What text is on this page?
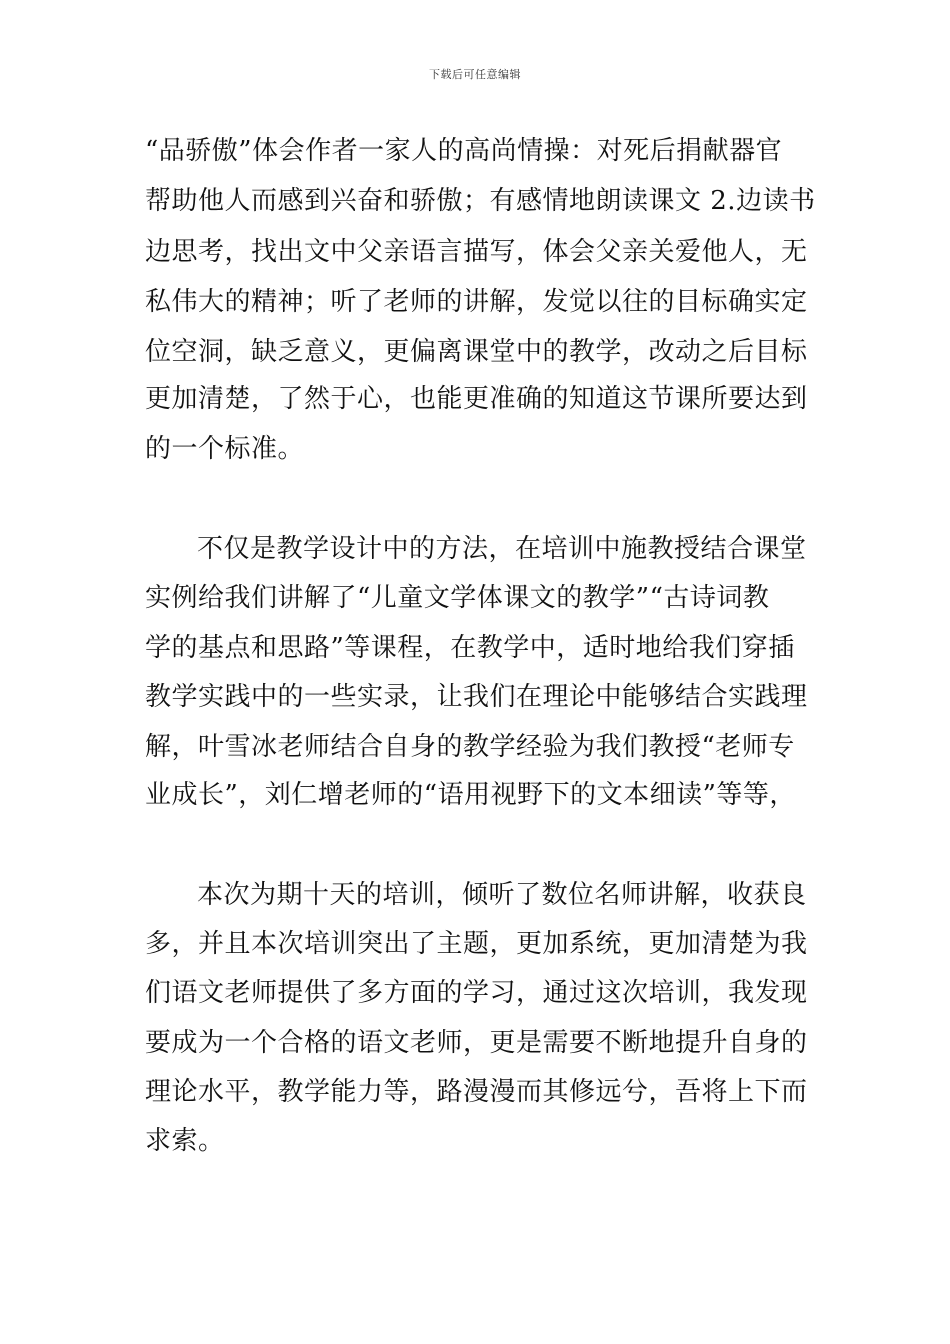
下载后可任意编辑
“品骄傲”体会作者一家人的高尚情操：对死后捐献器官
帮助他人而感到兴奋和骄傲；有感情地朗读课文 2.边读书
边思考，找出文中父亲语言描写，体会父亲关爱他人，无
私伟大的精神；听了老师的讲解，发觉以往的目标确实定
位空洞，缺乏意义，更偏离课堂中的教学，改动之后目标
更加清楚，了然于心，也能更准确的知道这节课所要达到
的一个标准。
不仅是教学设计中的方法，在培训中施教授结合课堂
实例给我们讲解了“儿童文学体课文的教学”“古诗词教
学的基点和思路”等课程，在教学中，适时地给我们穿插
教学实践中的一些实录，让我们在理论中能够结合实践理
解，叶雪冰老师结合自身的教学经验为我们教授“老师专
业成长”，刘仁增老师的“语用视野下的文本细读”等等，
本次为期十天的培训，倾听了数位名师讲解，收获良
多，并且本次培训突出了主题，更加系统，更加清楚为我
们语文老师提供了多方面的学习，通过这次培训，我发现
要成为一个合格的语文老师，更是需要不断地提升自身的
理论水平，教学能力等，路漫漫而其修远兮，吾将上下而
求索。
